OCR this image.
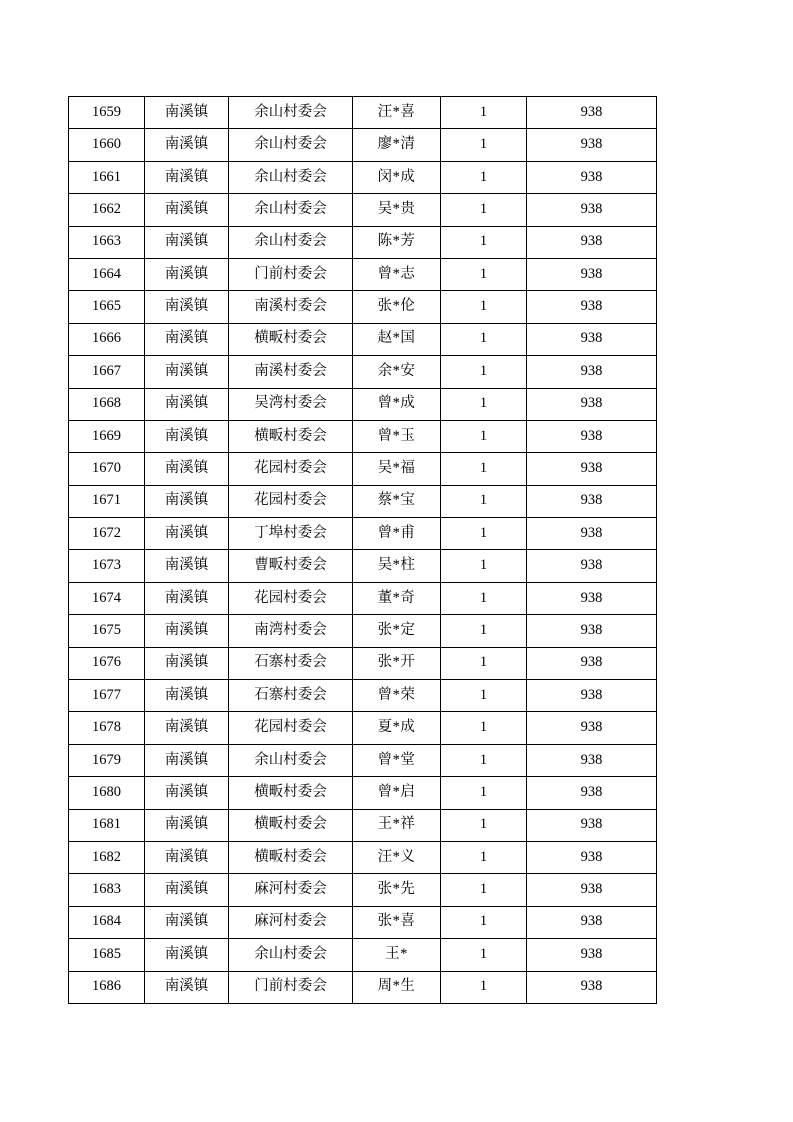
1659	南溪镇	余山村委会	汪*喜	1	938
1660	南溪镇	余山村委会	廖*清	1	938
1661	南溪镇	余山村委会	闵*成	1	938
1662	南溪镇	余山村委会	吴*贵	1	938
1663	南溪镇	余山村委会	陈*芳	1	938
1664	南溪镇	门前村委会	曾*志	1	938
1665	南溪镇	南溪村委会	张*伦	1	938
1666	南溪镇	横畈村委会	赵*国	1	938
1667	南溪镇	南溪村委会	余*安	1	938
1668	南溪镇	吴湾村委会	曾*成	1	938
1669	南溪镇	横畈村委会	曾*玉	1	938
1670	南溪镇	花园村委会	吴*福	1	938
1671	南溪镇	花园村委会	蔡*宝	1	938
1672	南溪镇	丁埠村委会	曾*甫	1	938
1673	南溪镇	曹畈村委会	吴*柱	1	938
1674	南溪镇	花园村委会	董*奇	1	938
1675	南溪镇	南湾村委会	张*定	1	938
1676	南溪镇	石寨村委会	张*开	1	938
1677	南溪镇	石寨村委会	曾*荣	1	938
1678	南溪镇	花园村委会	夏*成	1	938
1679	南溪镇	余山村委会	曾*堂	1	938
1680	南溪镇	横畈村委会	曾*启	1	938
1681	南溪镇	横畈村委会	王*祥	1	938
1682	南溪镇	横畈村委会	汪*义	1	938
1683	南溪镇	麻河村委会	张*先	1	938
1684	南溪镇	麻河村委会	张*喜	1	938
1685	南溪镇	余山村委会	王*	1	938
1686	南溪镇	门前村委会	周*生	1	938
